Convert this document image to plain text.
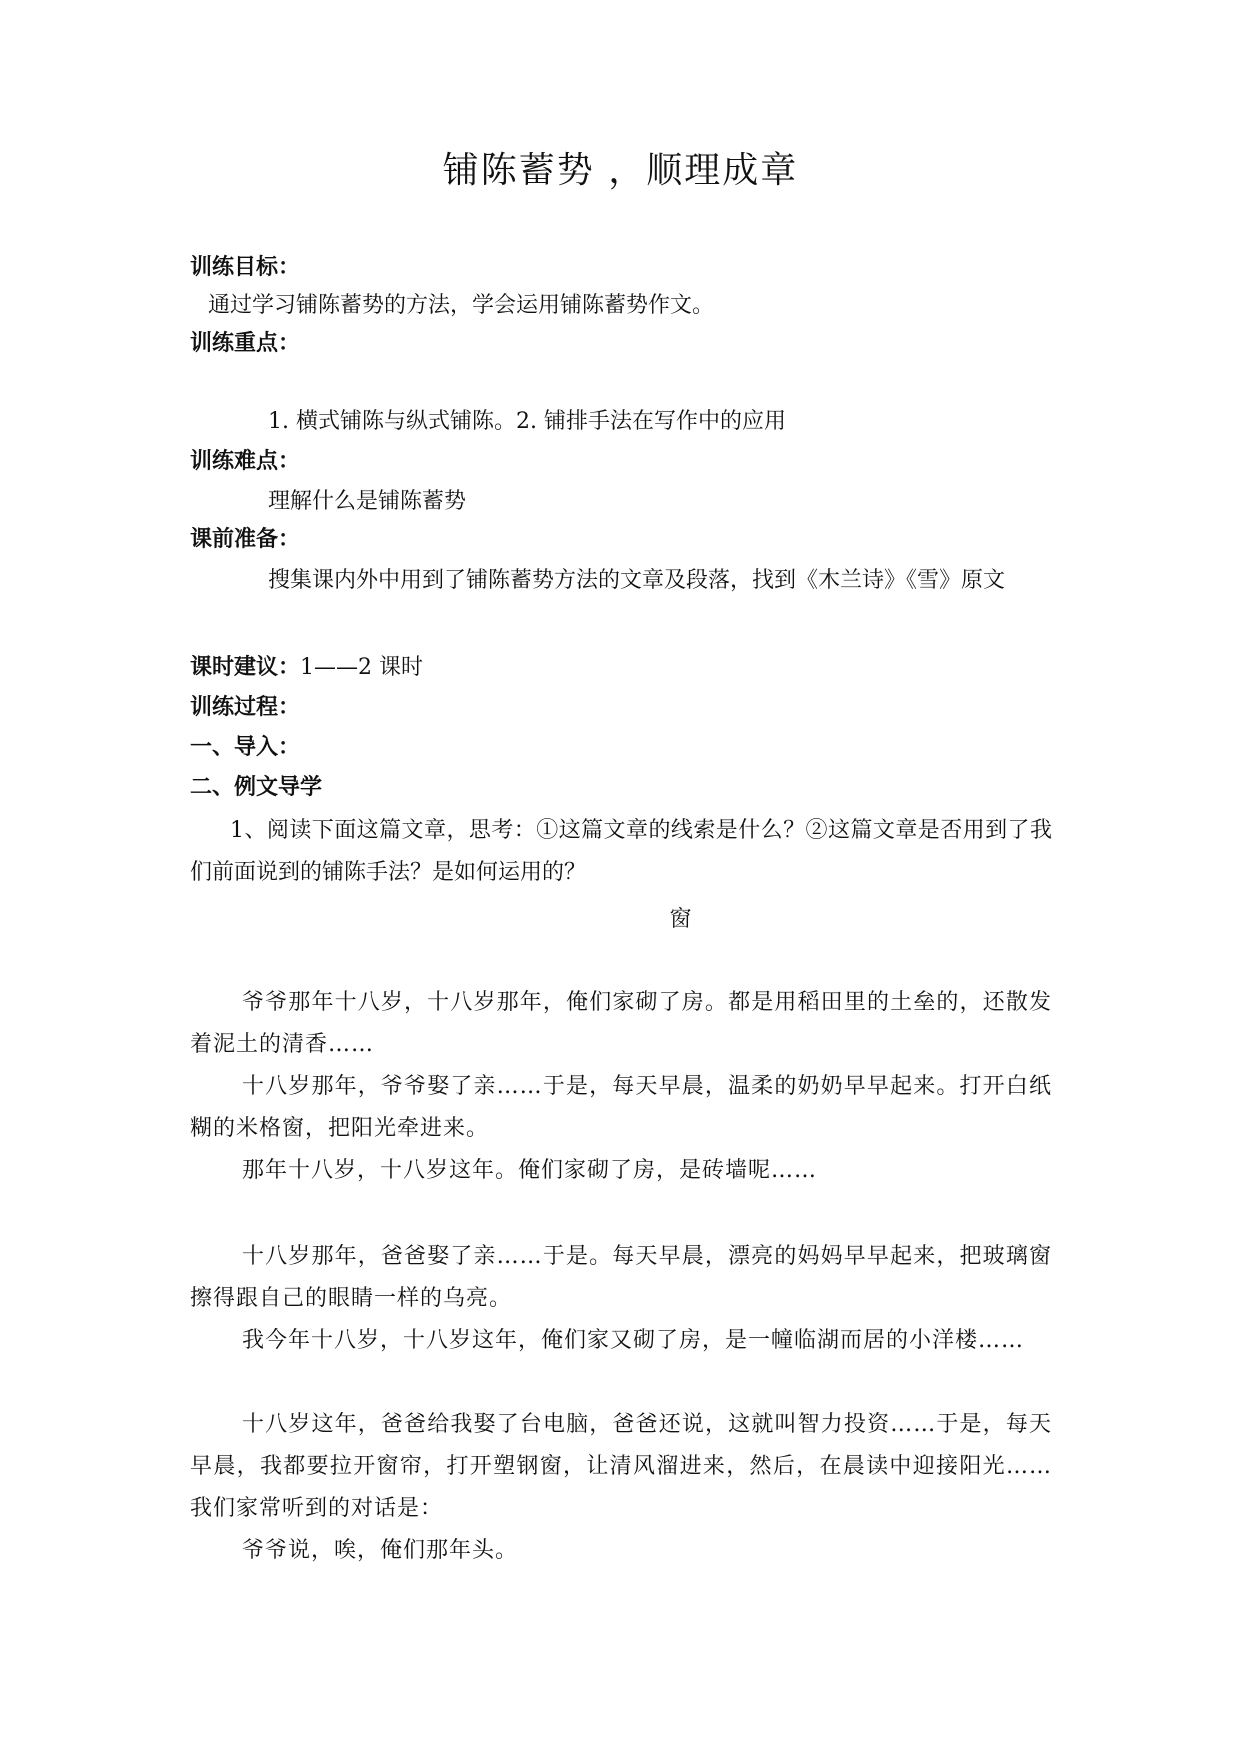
铺陈蓄势 ，顺理成章
训练目标：
通过学习铺陈蓄势的方法，学会运用铺陈蓄势作文。
训练重点：
1. 横式铺陈与纵式铺陈。2. 铺排手法在写作中的应用
训练难点：
理解什么是铺陈蓄势
课前准备：
搜集课内外中用到了铺陈蓄势方法的文章及段落，找到《木兰诗》《雪》原文
课时建议：1——2 课时
训练过程：
一、导入：
二、例文导学
1、阅读下面这篇文章，思考：①这篇文章的线索是什么？②这篇文章是否用到了我们前面说到的铺陈手法？是如何运用的？
窗
爷爷那年十八岁，十八岁那年，俺们家砌了房。都是用稻田里的土垒的，还散发着泥土的清香……
十八岁那年，爷爷娶了亲……于是，每天早晨，温柔的奶奶早早起来。打开白纸糊的米格窗，把阳光牵进来。
那年十八岁，十八岁这年。俺们家砌了房，是砖墙呢……
十八岁那年，爸爸娶了亲……于是。每天早晨，漂亮的妈妈早早起来，把玻璃窗擦得跟自己的眼睛一样的乌亮。
我今年十八岁，十八岁这年，俺们家又砌了房，是一幢临湖而居的小洋楼……
十八岁这年，爸爸给我娶了台电脑，爸爸还说，这就叫智力投资……于是，每天早晨，我都要拉开窗帘，打开塑钢窗，让清风溜进来，然后，在晨读中迎接阳光……　我们家常听到的对话是：
爷爷说，唉，俺们那年头。
